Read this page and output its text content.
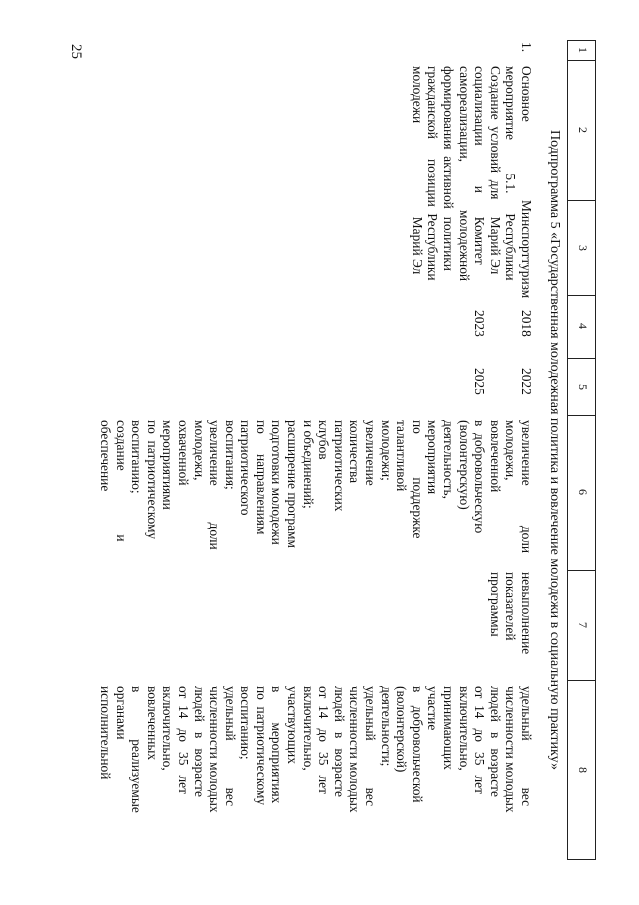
25	1
2
3
4
5
6
7
8
Подпрограмма 5 «Государственная молодежная политика и вовлечение молодежи в социальную практику»
1.
Основное
мероприятие          5.1.
Создание  условий  для
социализации            и
самореализации,
формирования  активной
гражданской      позиции
молодежи
Минспорттуризм
Республики
Марий Эл
Комитет
молодежной
политики
Республики
Марий Эл
2018

2023
2022

2025
увеличение            доли
молодежи,
вовлеченной
в  добровольческую
(волонтерскую)
деятельность,
мероприятия
по             поддержке
талантливой
молодежи;
увеличение
количества
патриотических
клубов
и объединений;
расширение программ
подготовки молодежи
по      направлениям
патриотического
воспитания;
увеличение           доли
молодежи,
охваченной
мероприятиями
по  патриотическому
воспитанию;
создание                   и
обеспечение
невыполнение
показателей
программы
удельный              вес
численности молодых
людей   в   возрасте
от  14   до   35   лет
включительно,
принимающих
участие
в    добровольческой
(волонтерской)
деятельности;
удельный              вес
численности молодых
людей   в   возрасте
от  14   до   35   лет
включительно,
участвующих
в         мероприятиях
по  патриотическому
воспитанию;
удельный              вес
численности молодых
людей   в   возрасте
от  14   до   35   лет
включительно,
вовлеченных
в              реализуемые
органами
исполнительной
